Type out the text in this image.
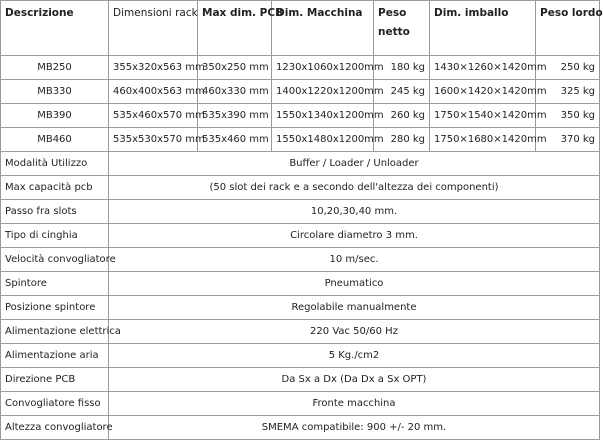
Descrizione	Dimensioni rack	Max dim. PCB	Dim. Macchina	Peso netto	Dim. imballo	Peso lordo
MB250	355x320x563 mm	350x250 mm	1230x1060x1200mm	180 kg	1430×1260×1420mm	250 kg
MB330	460x400x563 mm	460x330 mm	1400x1220x1200mm	245 kg	1600×1420×1420mm	325 kg
MB390	535x460x570 mm	535x390 mm	1550x1340x1200mm	260 kg	1750×1540×1420mm	350 kg
MB460	535x530x570 mm	535x460 mm	1550x1480x1200mm	280 kg	1750×1680×1420mm	370 kg
Modalità Utilizzo	Buffer / Loader / Unloader					
Max capacità pcb	(50 slot dei rack e a secondo dell'altezza dei componenti)					
Passo fra slots	10,20,30,40 mm.					
Tipo di cinghia	Circolare diametro 3 mm.					
Velocità convogliatore	10 m/sec.					
Spintore	Pneumatico					
Posizione spintore	Regolabile manualmente					
Alimentazione elettrica	220 Vac 50/60 Hz					
Alimentazione aria	5 Kg./cm2					
Direzione PCB	Da Sx a Dx (Da Dx a Sx OPT)					
Convogliatore fisso	Fronte macchina					
Altezza convogliatore	SMEMA compatibile: 900 +/- 20 mm.					
